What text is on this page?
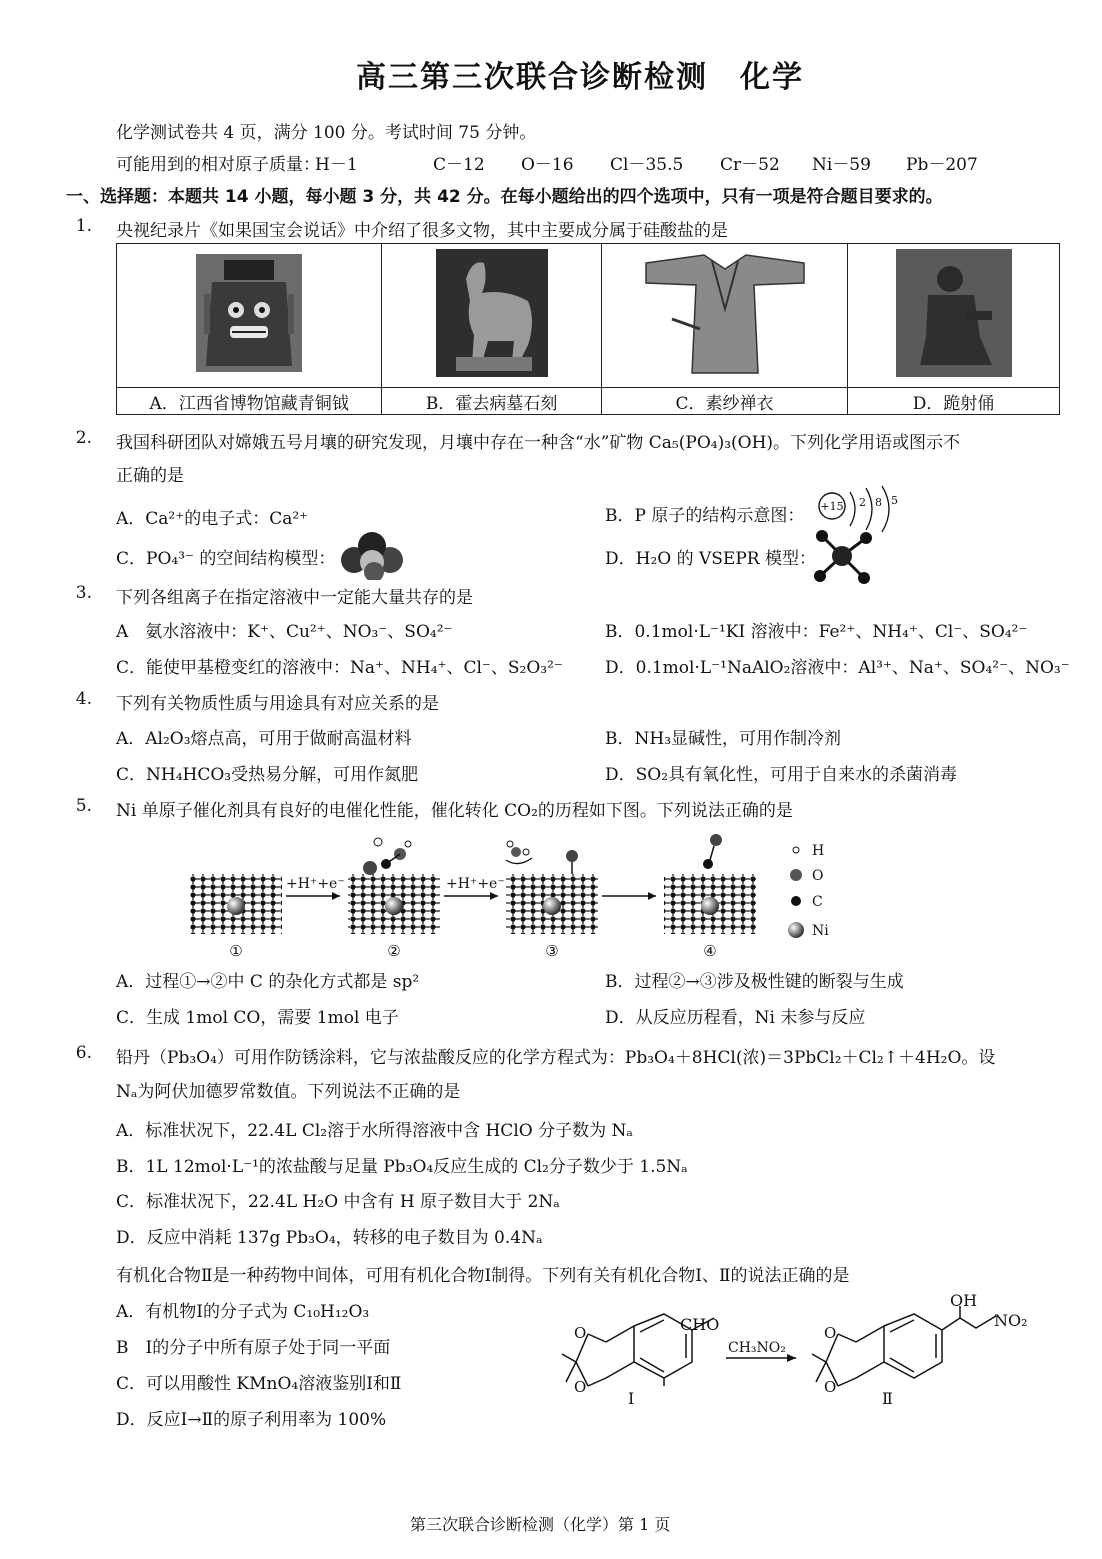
高三第三次联合诊断检测　化学
化学测试卷共 4 页，满分 100 分。考试时间 75 分钟。
可能用到的相对原子质量：
H－1	C－12 O－16 Cl－35.5 Cr－52 Ni－59 Pb－207
一、选择题：本题共 14 小题，每小题 3 分，共 42 分。在每小题给出的四个选项中，只有一项是符合题目要求的。
1. 央视纪录片《如果国宝会说话》中介绍了很多文物，其中主要成分属于硅酸盐的是

A．江西省博物馆藏青铜钺	B．霍去病墓石刻	C．素纱禅衣	D．跪射俑
2. 我国科研团队对嫦娥五号月壤的研究发现，月壤中存在一种含“水”矿物 Ca₅(PO₄)₃(OH)。下列化学用语或图示不
正确的是
A．Ca²⁺的电子式：Ca²⁺	B．P 原子的结构示意图： +15 2 8 5
C．PO₄³⁻ 的空间结构模型：	D．H₂O 的 VSEPR 模型：
3. 下列各组离子在指定溶液中一定能大量共存的是
A　氨水溶液中：K⁺、Cu²⁺、NO₃⁻、SO₄²⁻	B．0.1mol·L⁻¹KI 溶液中：Fe²⁺、NH₄⁺、Cl⁻、SO₄²⁻
C．能使甲基橙变红的溶液中：Na⁺、NH₄⁺、Cl⁻、S₂O₃²⁻ D．0.1mol·L⁻¹NaAlO₂溶液中：Al³⁺、Na⁺、SO₄²⁻、NO₃⁻
4. 下列有关物质性质与用途具有对应关系的是
A．Al₂O₃熔点高，可用于做耐高温材料	B．NH₃显碱性，可用作制冷剂
C．NH₄HCO₃受热易分解，可用作氮肥	D．SO₂具有氧化性，可用于自来水的杀菌消毒
5. Ni 单原子催化剂具有良好的电催化性能，催化转化 CO₂的历程如下图。下列说法正确的是
+H⁺+e⁻	+H⁺+e⁻
①	②	③	④
H
O
C
Ni
A．过程①→②中 C 的杂化方式都是 sp²	B．过程②→③涉及极性键的断裂与生成
C．生成 1mol CO，需要 1mol 电子	D．从反应历程看，Ni 未参与反应
6. 铅丹（Pb₃O₄）可用作防锈涂料，它与浓盐酸反应的化学方程式为：Pb₃O₄＋8HCl(浓)＝3PbCl₂＋Cl₂↑＋4H₂O。设
Nₐ为阿伏加德罗常数值。下列说法不正确的是
A．标准状况下，22.4L Cl₂溶于水所得溶液中含 HClO 分子数为 Nₐ
B．1L 12mol·L⁻¹的浓盐酸与足量 Pb₃O₄反应生成的 Cl₂分子数少于 1.5Nₐ
C．标准状况下，22.4L H₂O 中含有 H 原子数目大于 2Nₐ
D．反应中消耗 137g Pb₃O₄，转移的电子数目为 0.4Nₐ
有机化合物Ⅱ是一种药物中间体，可用有机化合物Ⅰ制得。下列有关有机化合物Ⅰ、Ⅱ的说法正确的是
A．有机物Ⅰ的分子式为 C₁₀H₁₂O₃
B　Ⅰ的分子中所有原子处于同一平面
C．可以用酸性 KMnO₄溶液鉴别Ⅰ和Ⅱ
D．反应Ⅰ→Ⅱ的原子利用率为 100%
O
O
CHO
Ⅰ
CH₃NO₂
O
O
OH
NO₂
Ⅱ
第三次联合诊断检测（化学）第 1 页
